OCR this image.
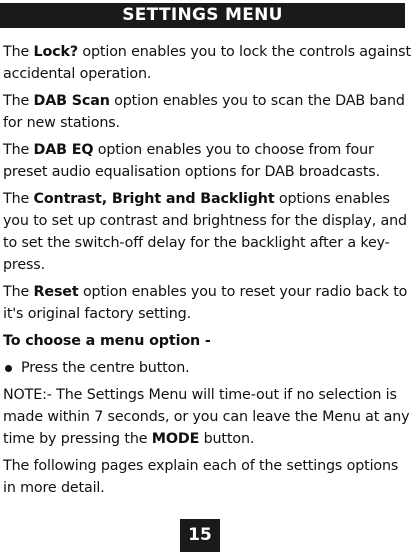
SETTINGS MENU

The Lock? option enables you to lock the controls against accidental operation.

The DAB Scan option enables you to scan the DAB band for new stations.

The DAB EQ option enables you to choose from four preset audio equalisation options for DAB broadcasts.

The Contrast, Bright and Backlight options enables you to set up contrast and brightness for the display, and to set the switch-off delay for the backlight after a key-press.

The Reset option enables you to reset your radio back to it's original factory setting.

To choose a menu option -

Press the centre button.

NOTE:- The Settings Menu will time-out if no selection is made within 7 seconds, or you can leave the Menu at any time by pressing the MODE button.

The following pages explain each of the settings options in more detail.

15
